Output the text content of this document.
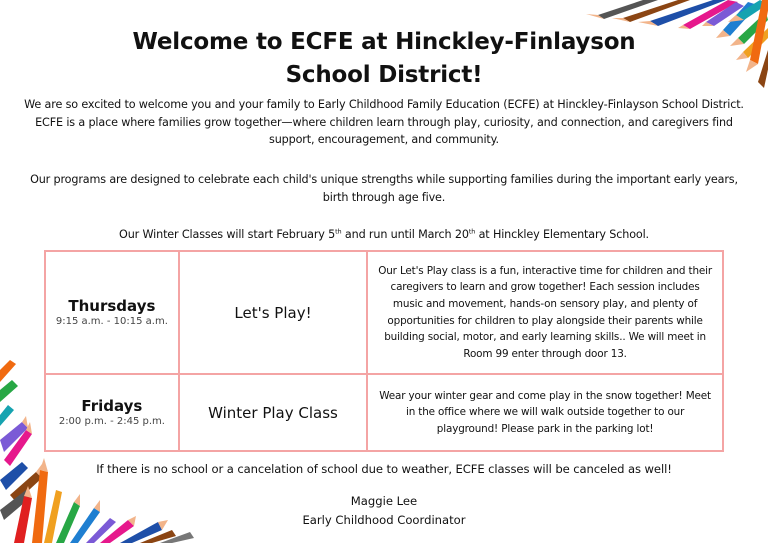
Welcome to ECFE at Hinckley-Finlayson
School District!

We are so excited to welcome you and your family to Early Childhood Family Education (ECFE) at Hinckley-Finlayson School District. ECFE is a place where families grow together—where children learn through play, curiosity, and connection, and caregivers find support, encouragement, and community.

Our programs are designed to celebrate each child's unique strengths while supporting families during the important early years, birth through age five.

Our Winter Classes will start February 5th and run until March 20th at Hinckley Elementary School.

Thursdays
9:15 a.m. - 10:15 a.m.	Let's Play!	Our Let's Play class is a fun, interactive time for children and their caregivers to learn and grow together! Each session includes music and movement, hands-on sensory play, and plenty of opportunities for children to play alongside their parents while building social, motor, and early learning skills.. We will meet in Room 99 enter through door 13.

Fridays
2:00 p.m. - 2:45 p.m.	Winter Play Class	Wear your winter gear and come play in the snow together! Meet in the office where we will walk outside together to our playground! Please park in the parking lot!
If there is no school or a cancelation of school due to weather, ECFE classes will be canceled as well!
Maggie Lee
Early Childhood Coordinator
